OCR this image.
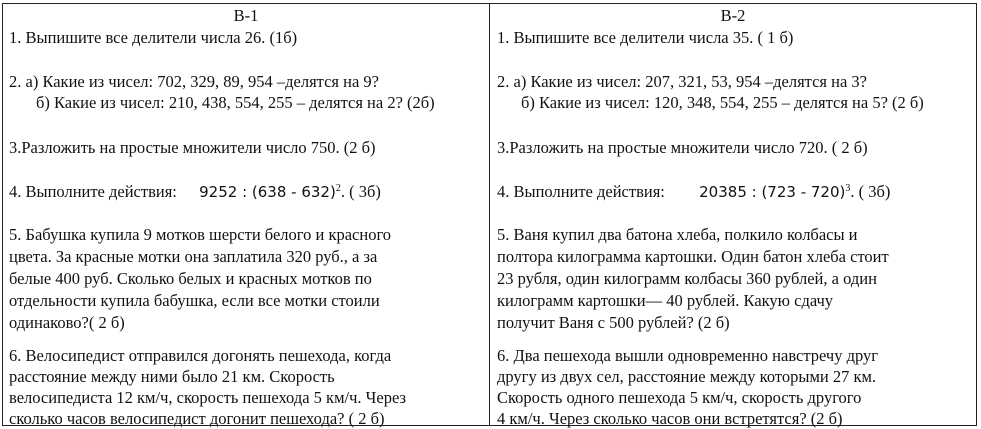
В-1
1. Выпишите все делители числа 26. (1б)
2. а) Какие из чисел: 702, 329, 89, 954 –делятся на 9?
б) Какие из чисел: 210, 438, 554, 255 – делятся на 2? (2б)
3.Разложить на простые множители число 750. (2 б)
4. Выполните действия: 9252 : (638 - 632)$^2$. ( 3б)
5. Бабушка купила 9 мотков шерсти белого и красного
цвета. За красные мотки она заплатила 320 руб., а за
белые 400 руб. Сколько белых и красных мотков по
отдельности купила бабушка, если все мотки стоили
одинаково?( 2 б)
6. Велосипедист отправился догонять пешехода, когда
расстояние между ними было 21 км. Скорость
велосипедиста 12 км/ч, скорость пешехода 5 км/ч. Через
сколько часов велосипедист догонит пешехода? ( 2 б)
В-2
1. Выпишите все делители числа 35. ( 1 б)
2. а) Какие из чисел: 207, 321, 53, 954 –делятся на 3?
б) Какие из чисел: 120, 348, 554, 255 – делятся на 5? (2 б)
3.Разложить на простые множители число 720. ( 2 б)
4. Выполните действия: 20385 : (723 - 720)$^3$. ( 3б)
5. Ваня купил два батона хлеба, полкило колбасы и
полтора килограмма картошки. Один батон хлеба стоит
23 рубля, один килограмм колбасы 360 рублей, а один
килограмм картошки— 40 рублей. Какую сдачу
получит Ваня с 500 рублей? (2 б)
6. Два пешехода вышли одновременно навстречу друг
другу из двух сел, расстояние между которыми 27 км.
Скорость одного пешехода 5 км/ч, скорость другого
4 км/ч. Через сколько часов они встретятся? (2 б)
